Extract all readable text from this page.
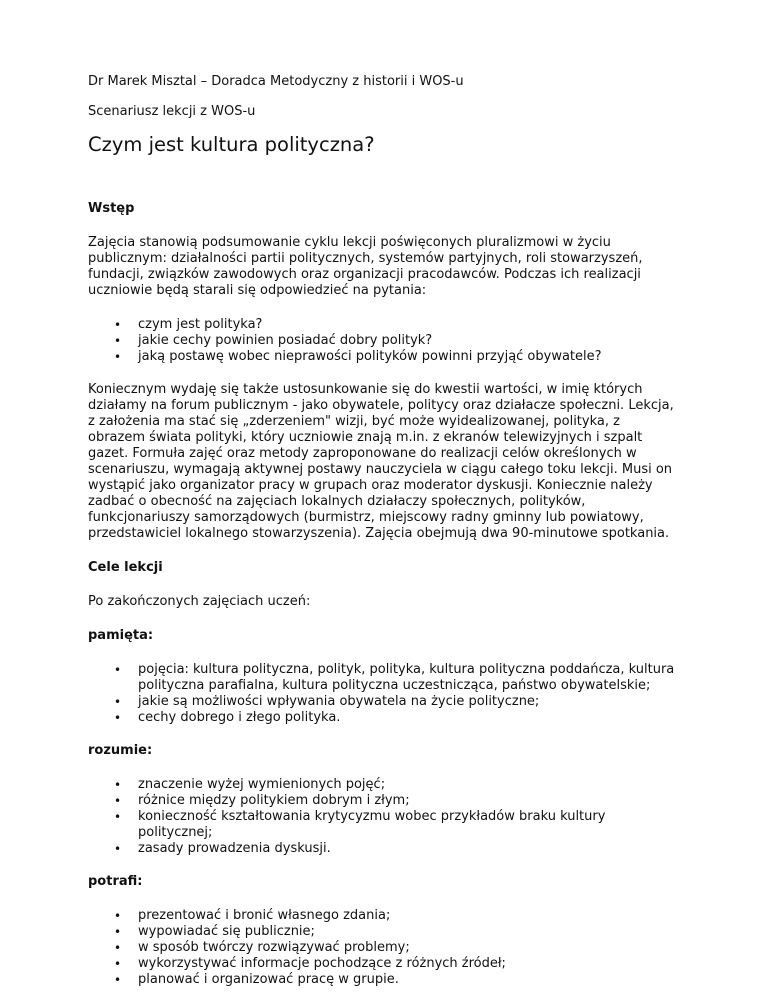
Dr Marek Misztal – Doradca Metodyczny z historii i WOS-u

Scenariusz lekcji z WOS-u

Czym jest kultura polityczna?
Wstęp

Zajęcia stanowią podsumowanie cyklu lekcji poświęconych pluralizmowi w życiu publicznym: działalności partii politycznych, systemów partyjnych, roli stowarzyszeń, fundacji, związków zawodowych oraz organizacji pracodawców. Podczas ich realizacji uczniowie będą starali się odpowiedzieć na pytania:

• czym jest polityka?
• jakie cechy powinien posiadać dobry polityk?
• jaką postawę wobec nieprawości polityków powinni przyjąć obywatele?

Koniecznym wydaję się także ustosunkowanie się do kwestii wartości, w imię których działamy na forum publicznym - jako obywatele, politycy oraz działacze społeczni. Lekcja, z założenia ma stać się „zderzeniem" wizji, być może wyidealizowanej, polityka, z obrazem świata polityki, który uczniowie znają m.in. z ekranów telewizyjnych i szpalt gazet. Formuła zajęć oraz metody zaproponowane do realizacji celów określonych w scenariuszu, wymagają aktywnej postawy nauczyciela w ciągu całego toku lekcji. Musi on wystąpić jako organizator pracy w grupach oraz moderator dyskusji. Koniecznie należy zadbać o obecność na zajęciach lokalnych działaczy społecznych, polityków, funkcjonariuszy samorządowych (burmistrz, miejscowy radny gminny lub powiatowy, przedstawiciel lokalnego stowarzyszenia). Zajęcia obejmują dwa 90-minutowe spotkania.

Cele lekcji

Po zakończonych zajęciach uczeń:

pamięta:
• pojęcia: kultura polityczna, polityk, polityka, kultura polityczna poddańcza, kultura polityczna parafialna, kultura polityczna uczestnicząca, państwo obywatelskie;
• jakie są możliwości wpływania obywatela na życie polityczne;
• cechy dobrego i złego polityka.
rozumie:
• znaczenie wyżej wymienionych pojęć;
• różnice między politykiem dobrym i złym;
• konieczność kształtowania krytycyzmu wobec przykładów braku kultury politycznej;
• zasady prowadzenia dyskusji.
potrafi:
• prezentować i bronić własnego zdania;
• wypowiadać się publicznie;
• w sposób twórczy rozwiązywać problemy;
• wykorzystywać informacje pochodzące z różnych źródeł;
• planować i organizować pracę w grupie.
